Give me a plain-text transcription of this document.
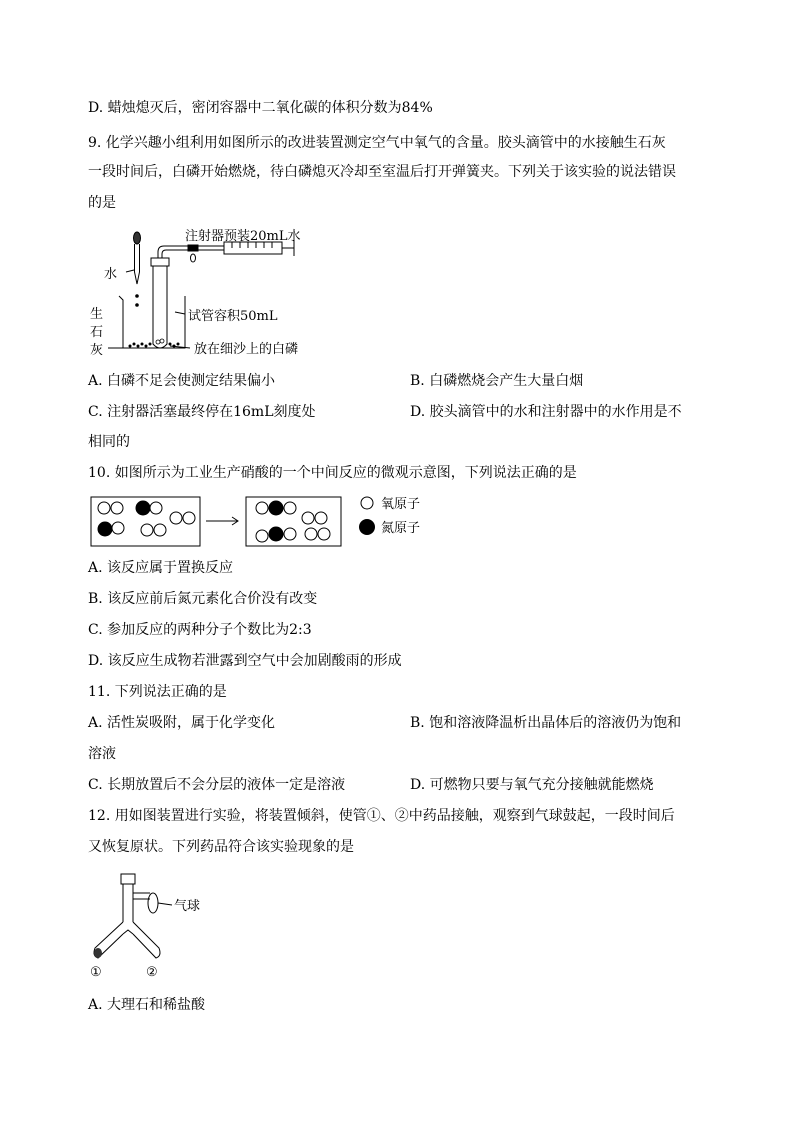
D. 蜡烛熄灭后，密闭容器中二氧化碳的体积分数为84%
9. 化学兴趣小组利用如图所示的改进装置测定空气中氧气的含量。胶头滴管中的水接触生石灰
一段时间后，白磷开始燃烧，待白磷熄灭冷却至室温后打开弹簧夹。下列关于该实验的说法错误
的是
注射器预装20mL水
水
生
石
灰
试管容积50mL
放在细沙上的白磷
A. 白磷不足会使测定结果偏小	B. 白磷燃烧会产生大量白烟
C. 注射器活塞最终停在16mL刻度处	D. 胶头滴管中的水和注射器中的水作用是不
相同的
10. 如图所示为工业生产硝酸的一个中间反应的微观示意图，下列说法正确的是
氧原子
氮原子
A. 该反应属于置换反应
B. 该反应前后氮元素化合价没有改变
C. 参加反应的两种分子个数比为2:3
D. 该反应生成物若泄露到空气中会加剧酸雨的形成
11. 下列说法正确的是
A. 活性炭吸附，属于化学变化	B. 饱和溶液降温析出晶体后的溶液仍为饱和
溶液
C. 长期放置后不会分层的液体一定是溶液	D. 可燃物只要与氧气充分接触就能燃烧
12. 用如图装置进行实验，将装置倾斜，使管①、②中药品接触，观察到气球鼓起，一段时间后
又恢复原状。下列药品符合该实验现象的是
气球
①	②
A. 大理石和稀盐酸
